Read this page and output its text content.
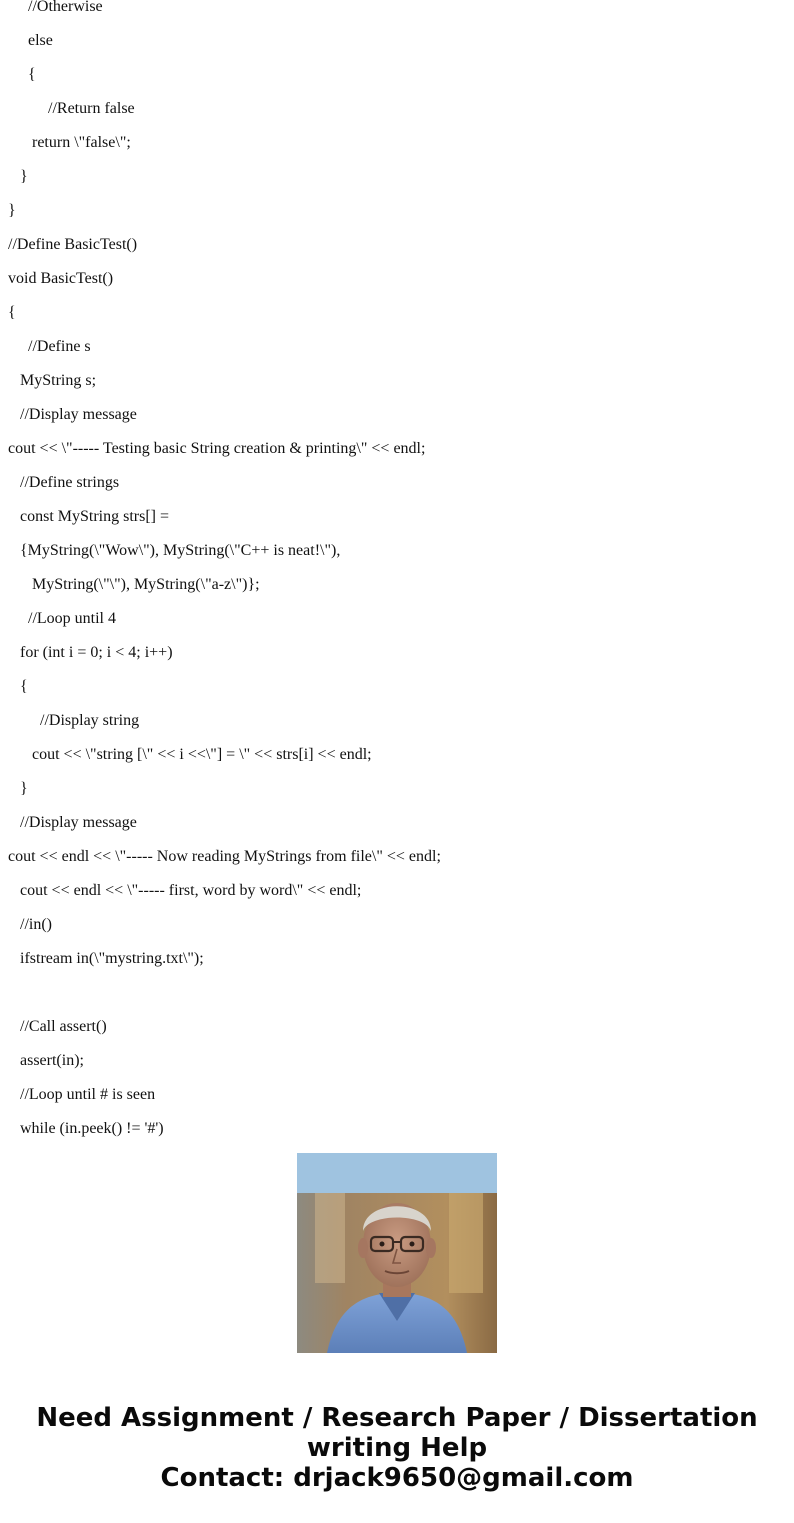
//Otherwise
else
{
//Return false
return \"false\";
}
}
//Define BasicTest()
void BasicTest()
{
//Define s
MyString s;
//Display message
cout << \"----- Testing basic String creation & printing\" << endl;
//Define strings
const MyString strs[] =
{MyString(\"Wow\"), MyString(\"C++ is neat!\"),
MyString(\"\"), MyString(\"a-z\")};
//Loop until 4
for (int i = 0; i < 4; i++)
{
//Display string
cout << \"string [\" << i <<\"] = \" << strs[i] << endl;
}
//Display message
cout << endl << \"----- Now reading MyStrings from file\" << endl;
cout << endl << \"----- first, word by word\" << endl;
//in()
ifstream in(\"mystring.txt\");
//Call assert()
assert(in);
//Loop until # is seen
while (in.peek() != '#')
Need Assignment / Research Paper / Dissertation
writing Help
Contact: drjack9650@gmail.com
